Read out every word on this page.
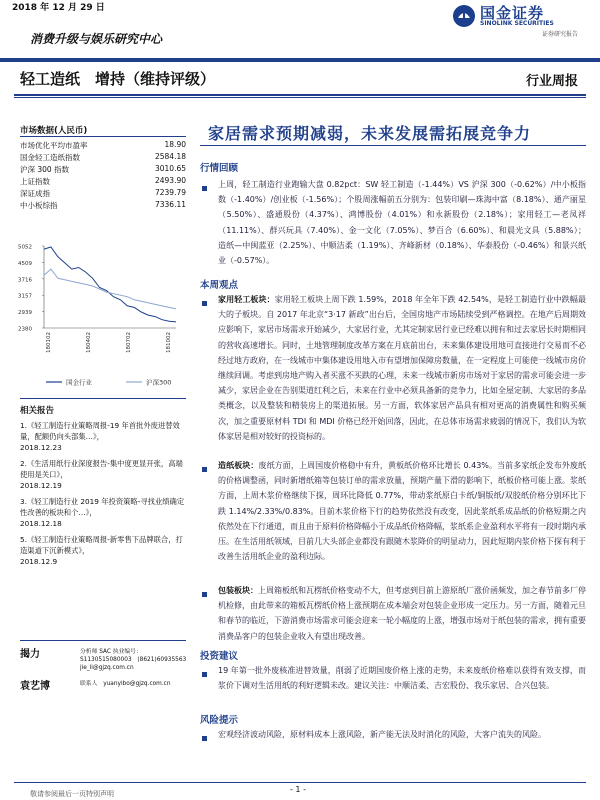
2018 年 12 月 29 日	国金证券
SINOLINK SECURITIES
证券研究报告
消费升级与娱乐研究中心
轻工造纸　增持（维持评级）	行业周报
市场数据(人民币)
市场优化平均市盈率	18.90
国金轻工造纸指数	2584.18
沪深 300 指数	3010.65
上证指数	2493.90
深证成指	7239.79
中小板综指	7336.11
5052
4509
3716
3157
2939
2380
180102	180402	180702	181002
国金行业	沪深300
相关报告
1.《轻工制造行业策略周报-19 年首批外废进替效量，配额仍向头部集…》，
2018.12.23
2.《生活用纸行业深度报告-集中度更显开张，高端使用是关口》，
2018.12.19
3.《轻工制造行业 2019 年投资策略-寻找业绩确定性改善的板块和个…》，
2018.12.18
5.《轻工制造行业策略周报-新零售下品牌联合，打造渠道下沉新模式》，
2018.12.9
揭力	分析师 SAC 执业编号：S1130515080003　(8621)60935563　jie_li@gjzq.com.cn
袁艺博	联系人　yuanyibo@gjzq.com.cn
家居需求预期减弱，未来发展需拓展竞争力
行情回顾
上周，轻工制造行业跑输大盘 0.82pct：SW 轻工制造（-1.44%）VS 沪深 300（-0.62%）/中小板指数（-1.40%）/创业板（-1.56%）；个股周涨幅前五分别为：包装印刷—珠海中富（8.18%）、通产丽星（5.50%）、盛通股份（4.37%）、鸿博股份（4.01%）和永新股份（2.18%）；家用轻工—老凤祥（11.11%）、群兴玩具（7.40%）、金一文化（7.05%）、梦百合（6.60%）、和晨光文具（5.88%）；造纸—中闽蓝亚（2.25%）、中顺洁柔（1.19%）、齐峰新材（0.18%）、华泰股份（-0.46%）和景兴纸业（-0.57%）。
本周观点
家用轻工板块：家用轻工板块上周下跌 1.59%，2018 年全年下跌 42.54%，是轻工制造行业中跌幅最大的子板块。自 2017 年北京“3·17 新政”出台后，全国房地产市场陆续受到严格调控。在地产后周期效应影响下，家居市场需求开始减少，大家居行业，尤其定制家居行业已经难以拥有和过去家居长时期相同的营收高速增长。同时，土地管理制度改革方案在月底前出台，未来集体建设用地可直接进行交易而不必经过地方政府，在一线城市中集体建设用地入市有望增加保障房数量，在一定程度上可能使一线城市房价继续回调。考虑到房地产购入者买涨不买跌的心理，未来一线城市新房市场对于家居的需求可能会进一步减少，家居企业在告别渠道红利之后，未来在行业中必须具备新的竞争力，比如全屋定制、大家居的多品类概念，以及整装和精装房上的渠道拓展。另一方面，软体家居产品具有相对更高的消费属性和购买频次，加之重要原材料 TDI 和 MDI 价格已经开始回落，因此，在总体市场需求疲弱的情况下，我们认为软体家居是相对较好的投资标的。
造纸板块：废纸方面，上周国废价格稳中有升，黄板纸价格环比增长 0.43%。当前多家纸企发布外废纸的价格调整函，同时新增纸箱等包装订单的需求放量，预期产量下滑的影响下，纸板价格可能上涨。浆纸方面，上周木浆价格继续下探，周环比降低 0.77%，带动浆纸原白卡纸/铜版纸/双胶纸价格分别环比下跌 1.14%/2.33%/0.83%。目前木浆价格下行的趋势依然没有改变，因此浆纸系成品纸的价格短期之内依然处在下行通道，而且由于原料价格降幅小于成品纸价格降幅，浆纸系企业盈利水平将有一段时期内承压。在生活用纸领域，目前几大头部企业都没有跟随木浆降价的明显动力，因此短期内浆价格下探有利于改善生活用纸企业的盈利边际。
包装板块：上周箱板纸和瓦楞纸价格变动不大，但考虑到目前上游原纸厂涨价函频发，加之春节前多厂停机检修，由此带来的箱板瓦楞纸价格上涨预期在成本端会对包装企业形成一定压力。另一方面，随着元旦和春节的临近，下游消费市场需求可能会迎来一轮小幅度的上涨，增强市场对于纸包装的需求，拥有重要消费品客户的包装企业收入有望出现改善。
投资建议
19 年第一批外废核准进替效量，削弱了近期国废价格上涨的走势，未来废纸价格难以获得有效支撑，而浆价下调对生活用纸的利好逻辑未改。建议关注：中顺洁柔、吉宏股份、我乐家居、合兴包装。
风险提示
宏观经济波动风险，原材料成本上涨风险，新产能无法及时消化的风险，大客户流失的风险。
- 1 -
敬请参阅最后一页特别声明
